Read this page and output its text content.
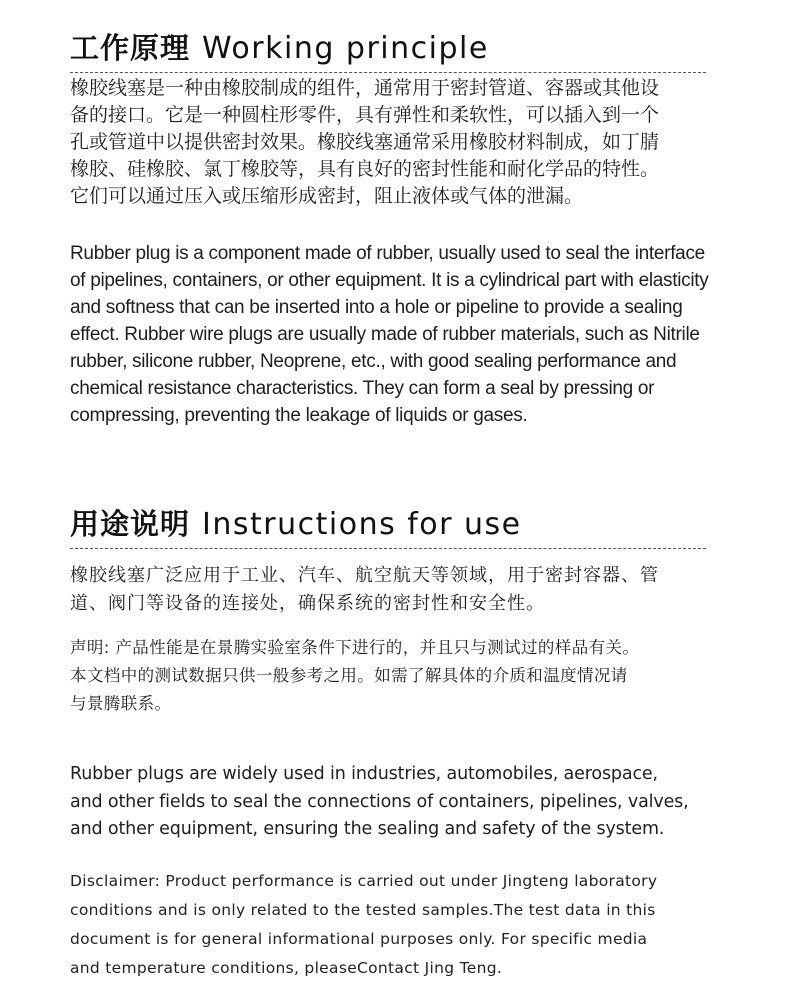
工作原理 Working principle

橡胶线塞是一种由橡胶制成的组件，通常用于密封管道、容器或其他设
备的接口。它是一种圆柱形零件，具有弹性和柔软性，可以插入到一个
孔或管道中以提供密封效果。橡胶线塞通常采用橡胶材料制成，如丁腈
橡胶、硅橡胶、氯丁橡胶等，具有良好的密封性能和耐化学品的特性。
它们可以通过压入或压缩形成密封，阻止液体或气体的泄漏。

Rubber plug is a component made of rubber, usually used to seal the interface
of pipelines, containers, or other equipment. It is a cylindrical part with elasticity
and softness that can be inserted into a hole or pipeline to provide a sealing
effect. Rubber wire plugs are usually made of rubber materials, such as Nitrile
rubber, silicone rubber, Neoprene, etc., with good sealing performance and
chemical resistance characteristics. They can form a seal by pressing or
compressing, preventing the leakage of liquids or gases.

用途说明 Instructions for use

橡胶线塞广泛应用于工业、汽车、航空航天等领域，用于密封容器、管
道、阀门等设备的连接处，确保系统的密封性和安全性。

声明: 产品性能是在景腾实验室条件下进行的，并且只与测试过的样品有关。
本文档中的测试数据只供一般参考之用。如需了解具体的介质和温度情况请
与景腾联系。

Rubber plugs are widely used in industries, automobiles, aerospace,
and other fields to seal the connections of containers, pipelines, valves,
and other equipment, ensuring the sealing and safety of the system.

Disclaimer: Product performance is carried out under Jingteng laboratory
conditions and is only related to the tested samples.The test data in this
document is for general informational purposes only. For specific media
and temperature conditions, pleaseContact Jing Teng.
